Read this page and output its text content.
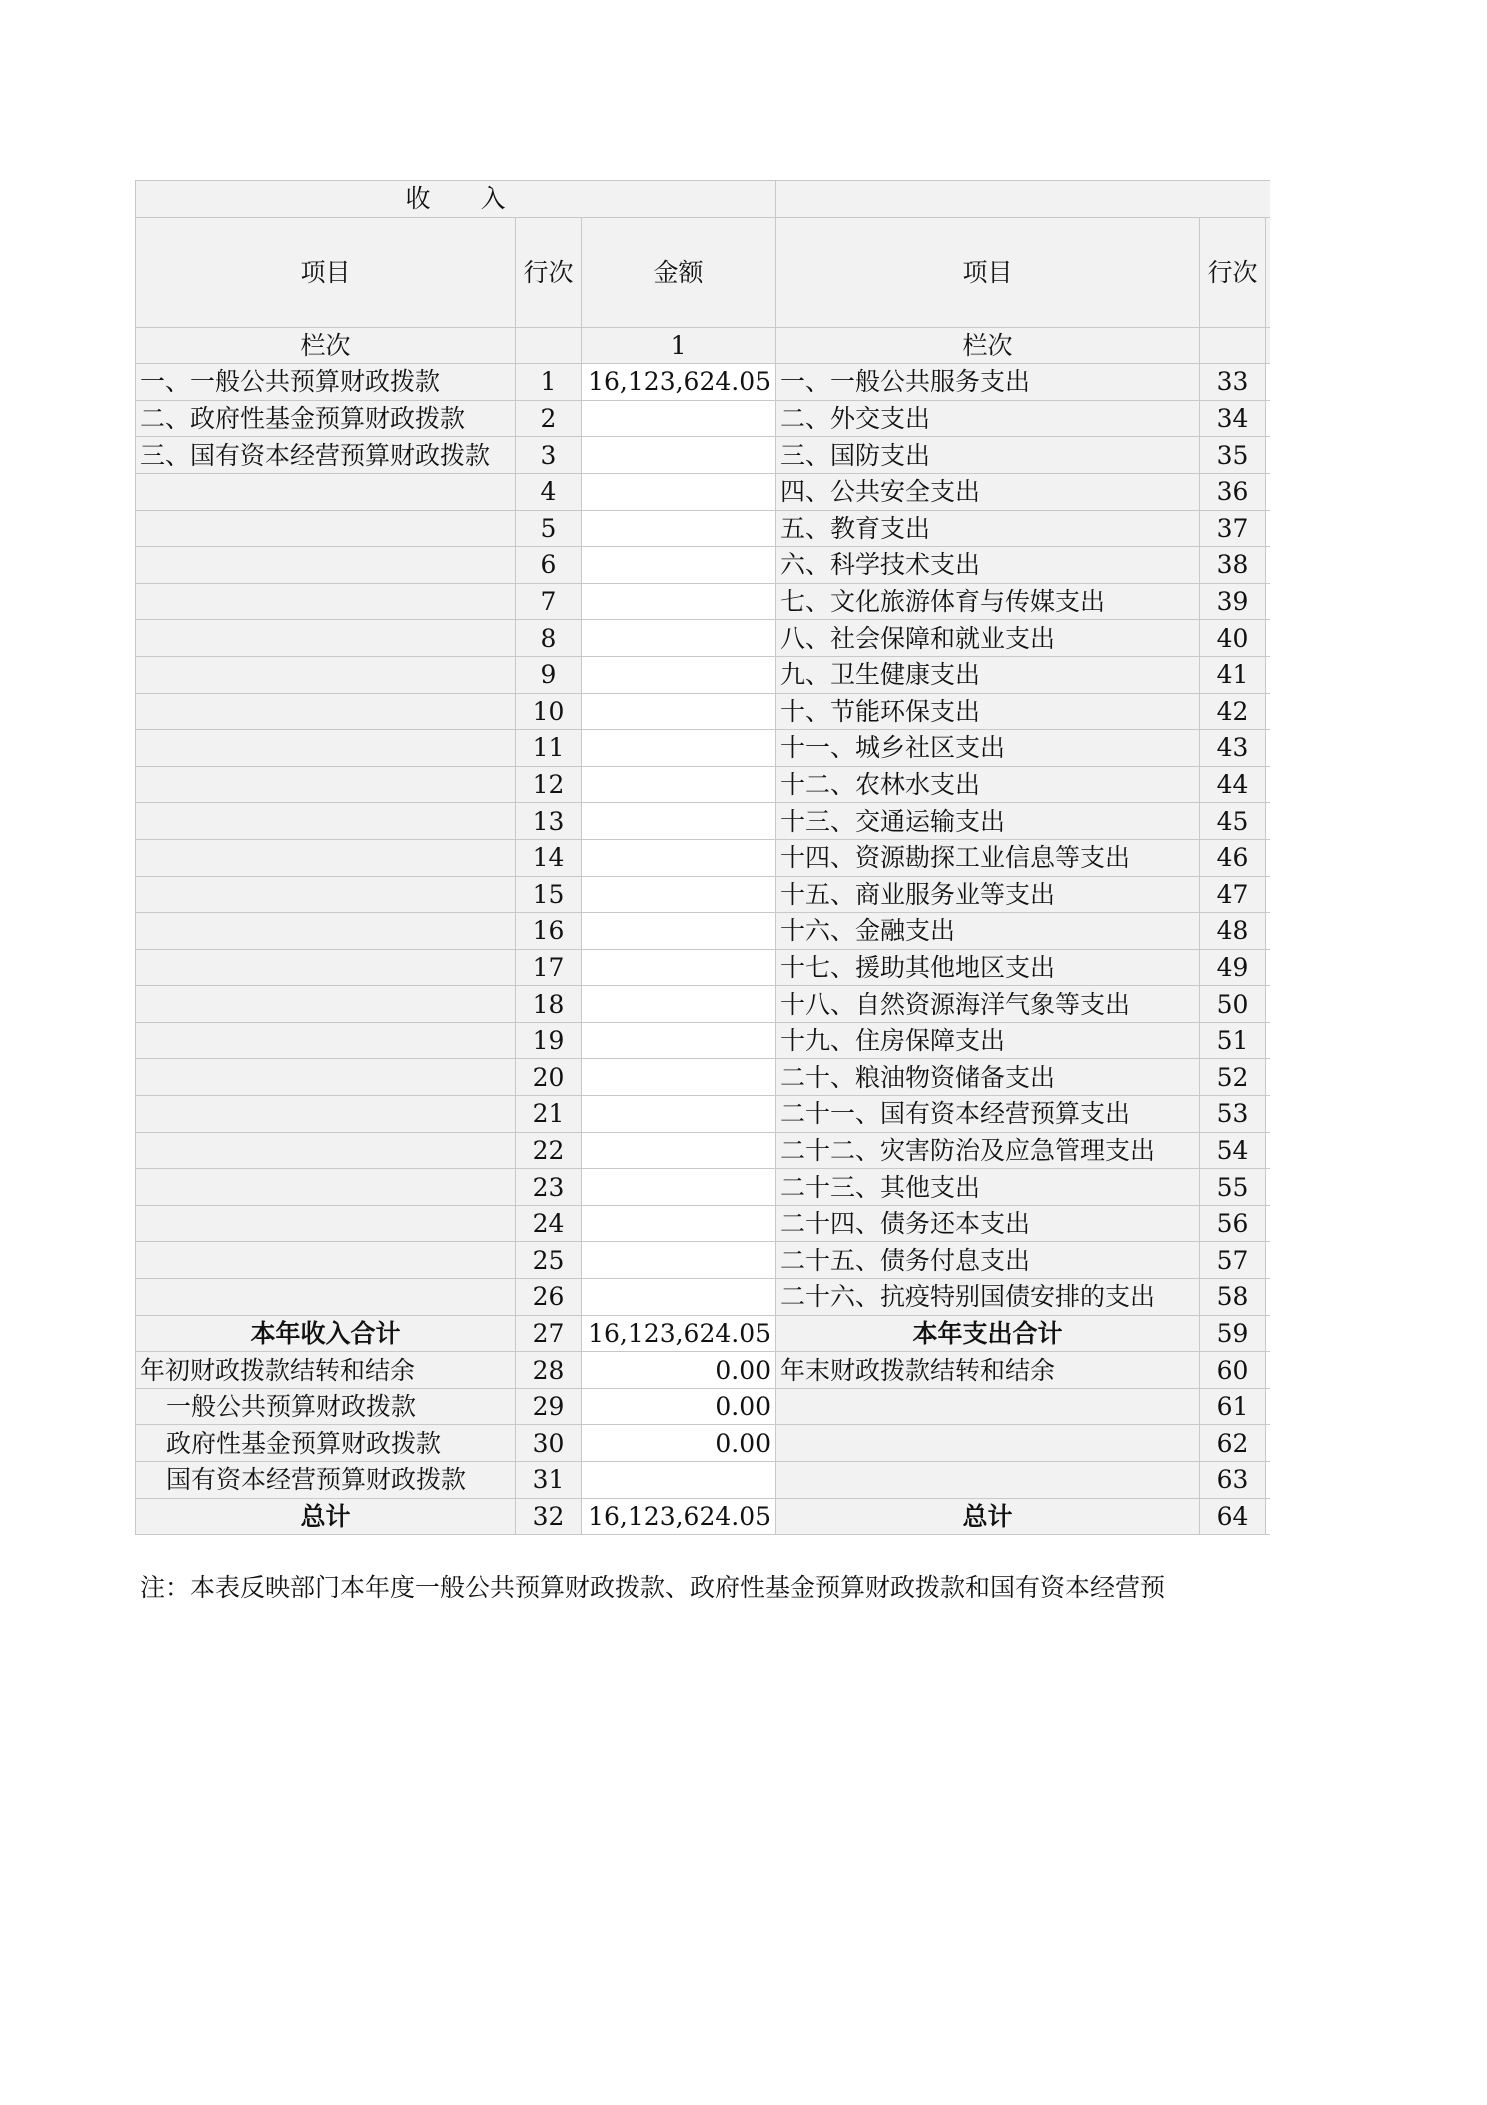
收　　入					
项目	行次	金额	项目	行次	
栏次		1	栏次		
一、一般公共预算财政拨款	1	16,123,624.05	一、一般公共服务支出	33	
二、政府性基金预算财政拨款	2		二、外交支出	34	
三、国有资本经营预算财政拨款	3		三、国防支出	35	
	4		四、公共安全支出	36	
	5		五、教育支出	37	
	6		六、科学技术支出	38	
	7		七、文化旅游体育与传媒支出	39	
	8		八、社会保障和就业支出	40	
	9		九、卫生健康支出	41	
	10		十、节能环保支出	42	
	11		十一、城乡社区支出	43	
	12		十二、农林水支出	44	
	13		十三、交通运输支出	45	
	14		十四、资源勘探工业信息等支出	46	
	15		十五、商业服务业等支出	47	
	16		十六、金融支出	48	
	17		十七、援助其他地区支出	49	
	18		十八、自然资源海洋气象等支出	50	
	19		十九、住房保障支出	51	
	20		二十、粮油物资储备支出	52	
	21		二十一、国有资本经营预算支出	53	
	22		二十二、灾害防治及应急管理支出	54	
	23		二十三、其他支出	55	
	24		二十四、债务还本支出	56	
	25		二十五、债务付息支出	57	
	26		二十六、抗疫特别国债安排的支出	58	
本年收入合计	27	16,123,624.05	本年支出合计	59	
年初财政拨款结转和结余	28	0.00	年末财政拨款结转和结余	60	
一般公共预算财政拨款	29	0.00		61	
政府性基金预算财政拨款	30	0.00		62	
国有资本经营预算财政拨款	31			63	
总计	32	16,123,624.05	总计	64	
注：本表反映部门本年度一般公共预算财政拨款、政府性基金预算财政拨款和国有资本经营预
